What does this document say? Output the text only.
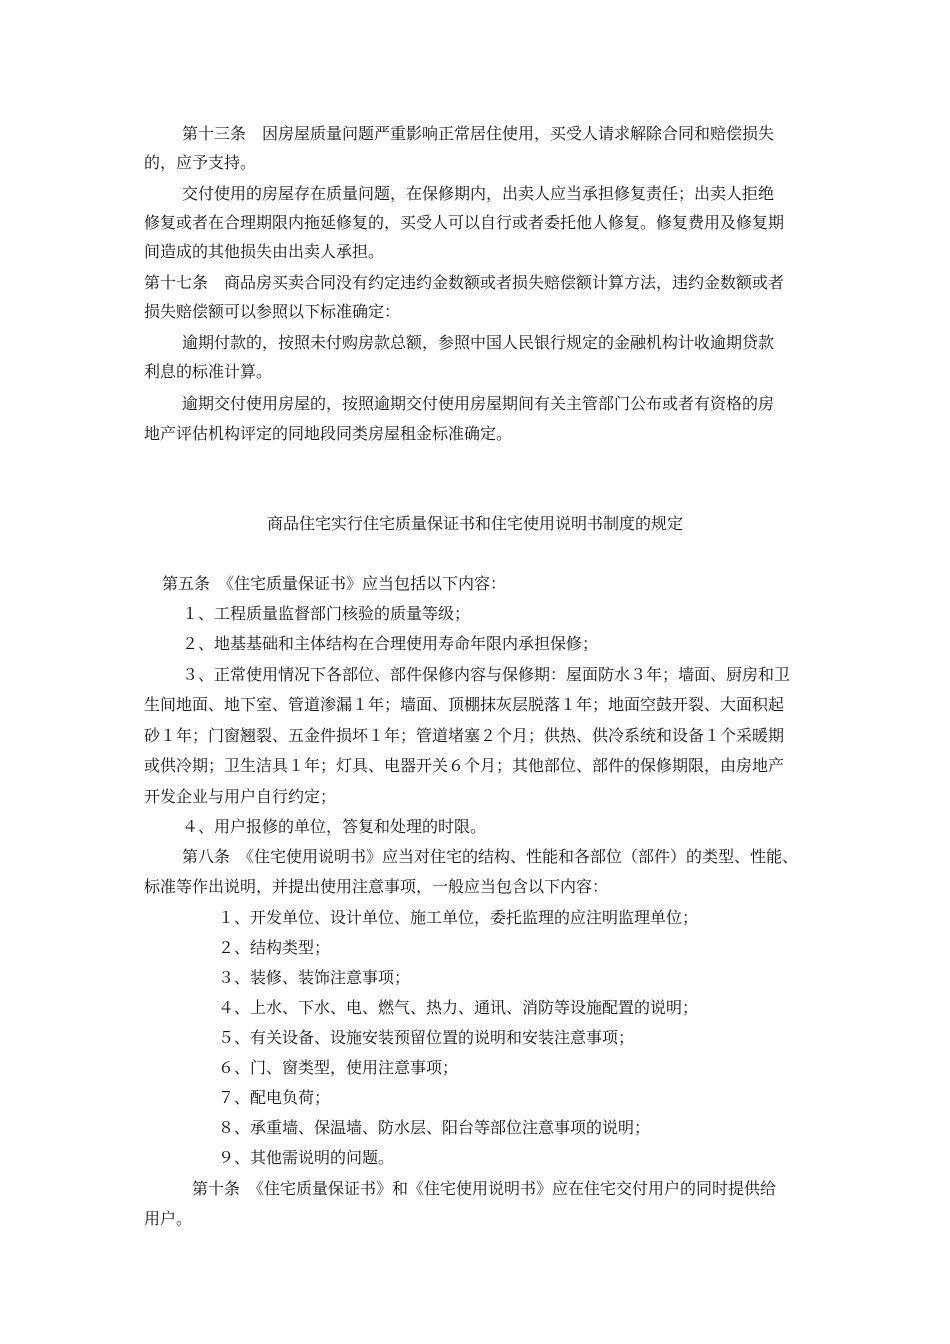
第十三条　因房屋质量问题严重影响正常居住使用，买受人请求解除合同和赔偿损失
的，应予支持。
交付使用的房屋存在质量问题，在保修期内，出卖人应当承担修复责任；出卖人拒绝
修复或者在合理期限内拖延修复的，买受人可以自行或者委托他人修复。修复费用及修复期
间造成的其他损失由出卖人承担。
第十七条　商品房买卖合同没有约定违约金数额或者损失赔偿额计算方法，违约金数额或者
损失赔偿额可以参照以下标准确定：
逾期付款的，按照未付购房款总额，参照中国人民银行规定的金融机构计收逾期贷款
利息的标准计算。
逾期交付使用房屋的，按照逾期交付使用房屋期间有关主管部门公布或者有资格的房
地产评估机构评定的同地段同类房屋租金标准确定。
商品住宅实行住宅质量保证书和住宅使用说明书制度的规定
第五条　《住宅质量保证书》应当包括以下内容：
１、工程质量监督部门核验的质量等级；
２、地基基础和主体结构在合理使用寿命年限内承担保修；
３、正常使用情况下各部位、部件保修内容与保修期：屋面防水３年；墙面、厨房和卫
生间地面、地下室、管道渗漏１年；墙面、顶棚抹灰层脱落１年；地面空鼓开裂、大面积起
砂１年；门窗翘裂、五金件损坏１年；管道堵塞２个月；供热、供冷系统和设备１个采暖期
或供冷期；卫生洁具１年；灯具、电器开关６个月；其他部位、部件的保修期限，由房地产
开发企业与用户自行约定；
４、用户报修的单位，答复和处理的时限。
第八条　《住宅使用说明书》应当对住宅的结构、性能和各部位（部件）的类型、性能、
标准等作出说明，并提出使用注意事项，一般应当包含以下内容：
１、开发单位、设计单位、施工单位，委托监理的应注明监理单位；
２、结构类型；
３、装修、装饰注意事项；
４、上水、下水、电、燃气、热力、通讯、消防等设施配置的说明；
５、有关设备、设施安装预留位置的说明和安装注意事项；
６、门、窗类型，使用注意事项；
７、配电负荷；
８、承重墙、保温墙、防水层、阳台等部位注意事项的说明；
９、其他需说明的问题。
第十条　《住宅质量保证书》和《住宅使用说明书》应在住宅交付用户的同时提供给
用户。
